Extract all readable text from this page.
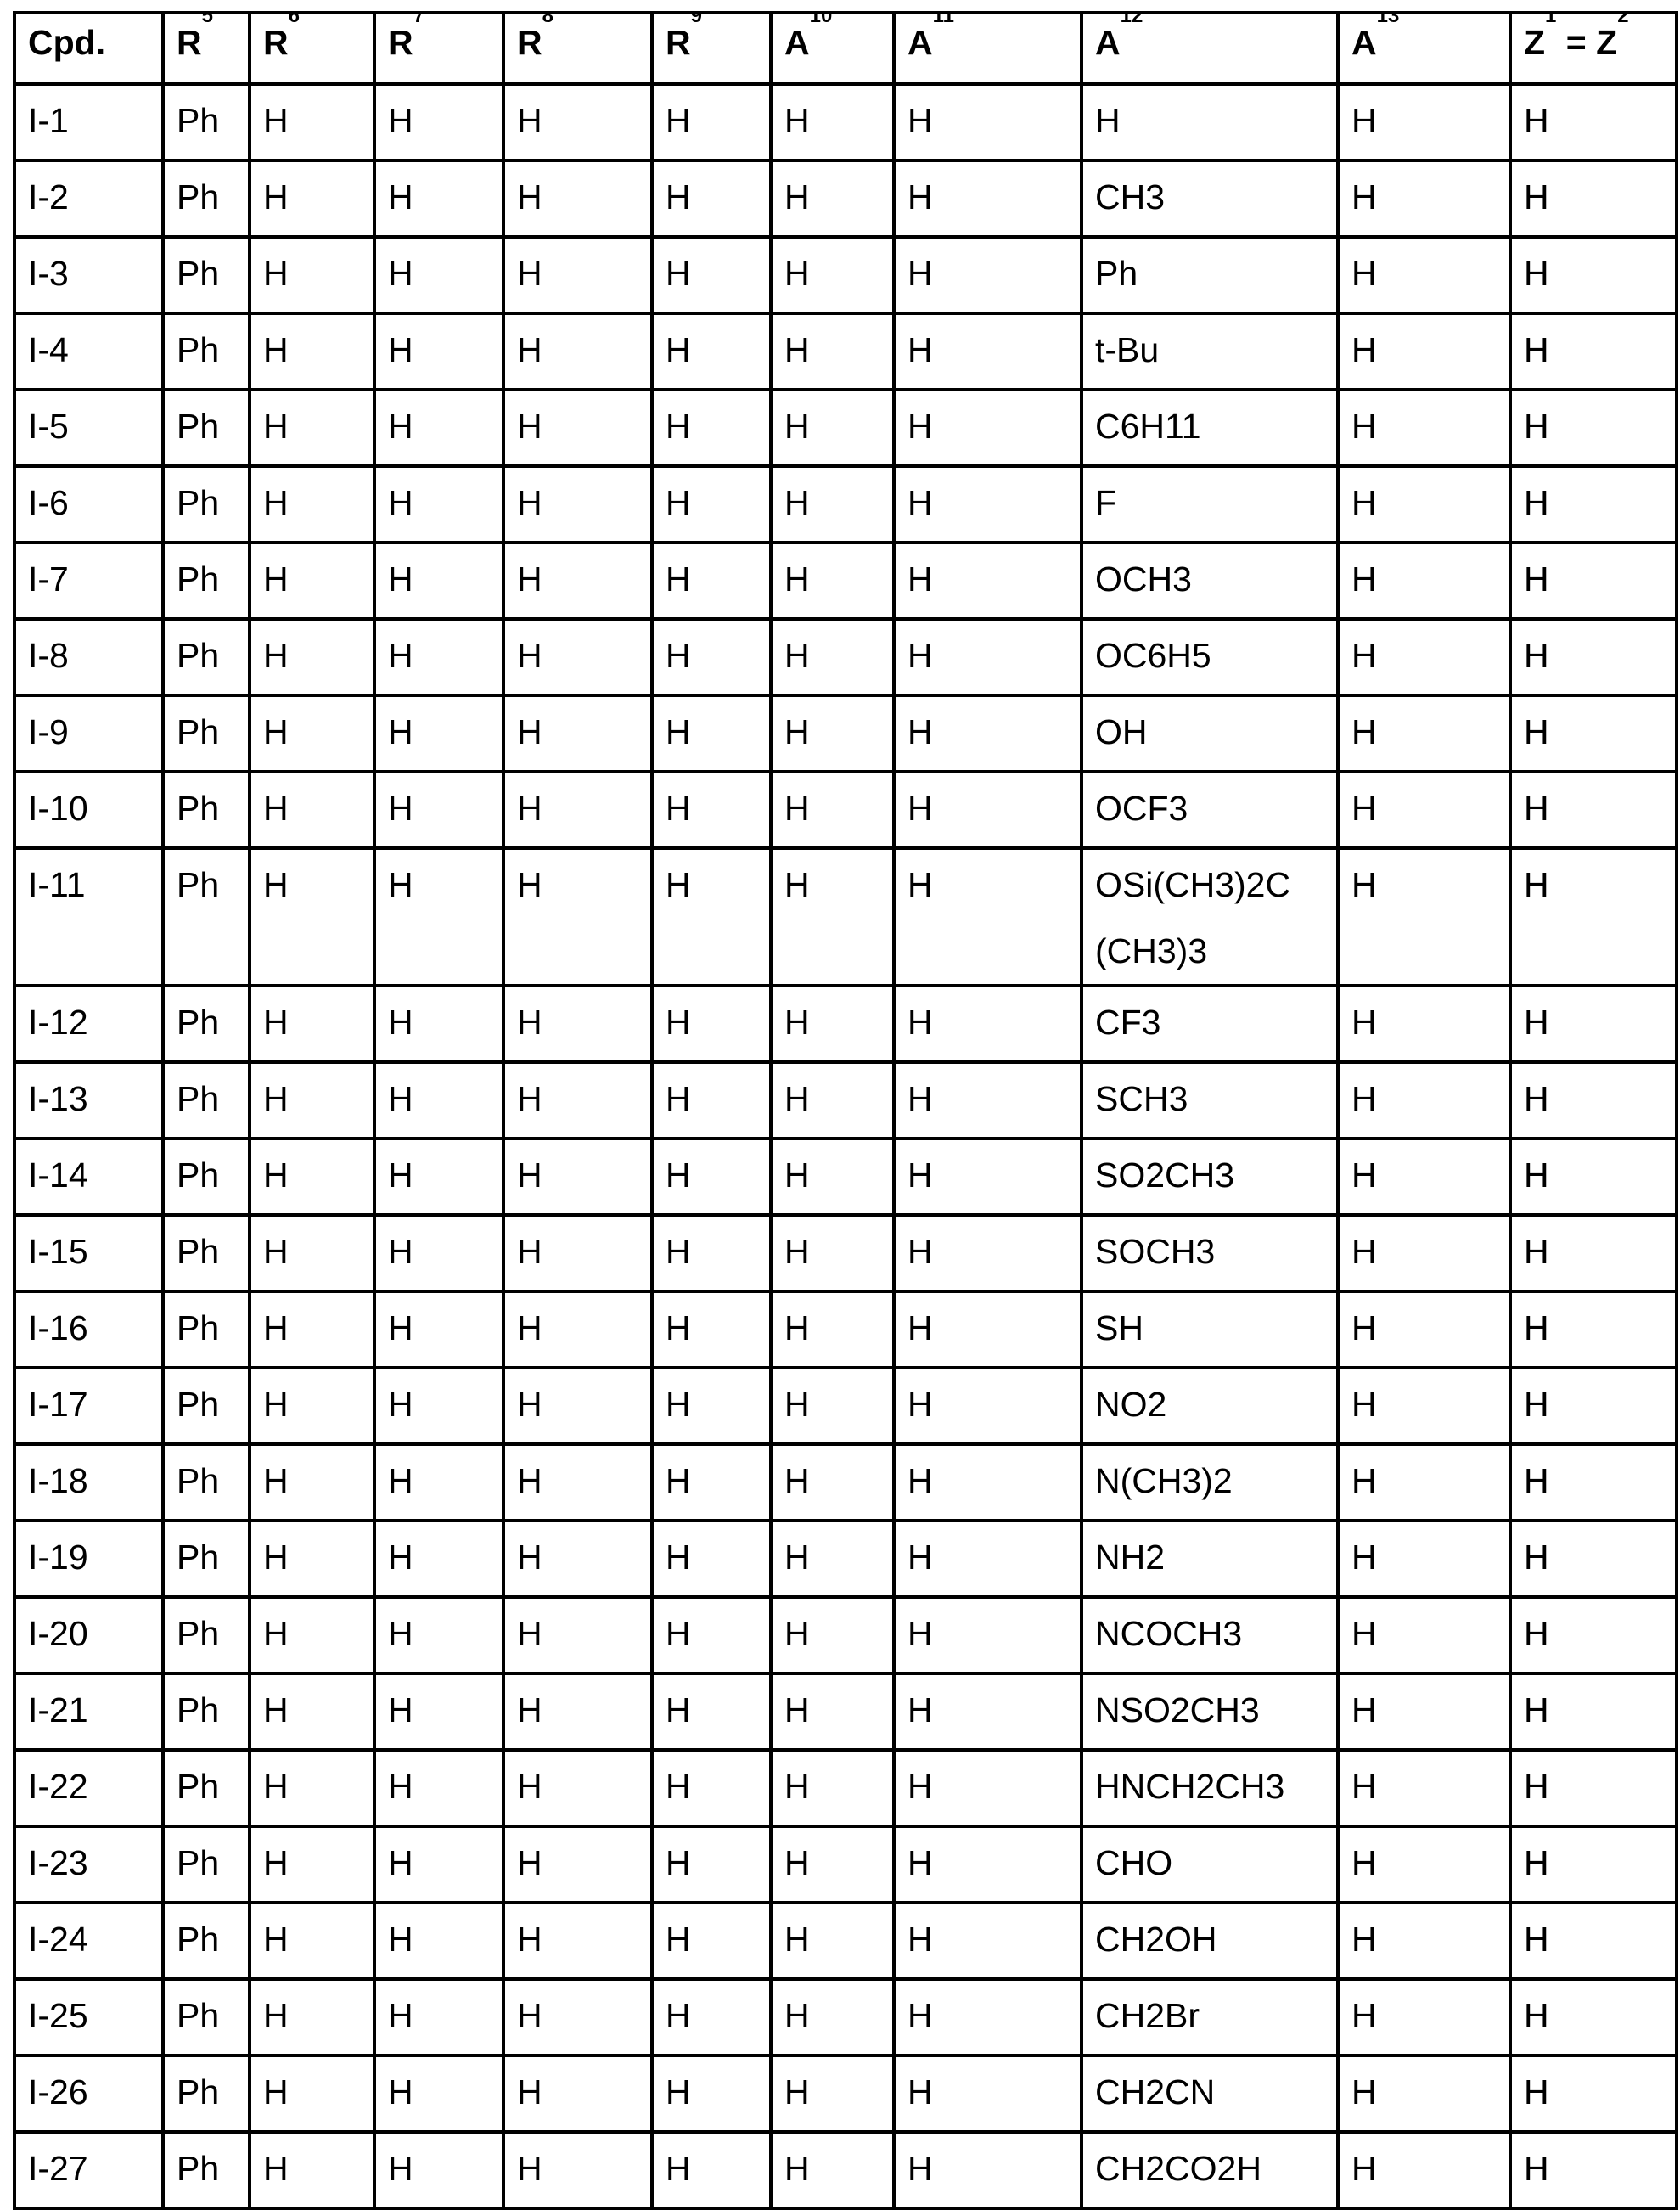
Cpd.	R5	R6	R7	R8	R9	A10	A11	A12	A13	Z1 = Z2
I-1	Ph	H	H	H	H	H	H	H	H	H
I-2	Ph	H	H	H	H	H	H	CH3	H	H
I-3	Ph	H	H	H	H	H	H	Ph	H	H
I-4	Ph	H	H	H	H	H	H	t-Bu	H	H
I-5	Ph	H	H	H	H	H	H	C6H11	H	H
I-6	Ph	H	H	H	H	H	H	F	H	H
I-7	Ph	H	H	H	H	H	H	OCH3	H	H
I-8	Ph	H	H	H	H	H	H	OC6H5	H	H
I-9	Ph	H	H	H	H	H	H	OH	H	H
I-10	Ph	H	H	H	H	H	H	OCF3	H	H
I-11	Ph	H	H	H	H	H	H	OSi(CH3)2C(CH3)3	H	H
I-12	Ph	H	H	H	H	H	H	CF3	H	H
I-13	Ph	H	H	H	H	H	H	SCH3	H	H
I-14	Ph	H	H	H	H	H	H	SO2CH3	H	H
I-15	Ph	H	H	H	H	H	H	SOCH3	H	H
I-16	Ph	H	H	H	H	H	H	SH	H	H
I-17	Ph	H	H	H	H	H	H	NO2	H	H
I-18	Ph	H	H	H	H	H	H	N(CH3)2	H	H
I-19	Ph	H	H	H	H	H	H	NH2	H	H
I-20	Ph	H	H	H	H	H	H	NCOCH3	H	H
I-21	Ph	H	H	H	H	H	H	NSO2CH3	H	H
I-22	Ph	H	H	H	H	H	H	HNCH2CH3	H	H
I-23	Ph	H	H	H	H	H	H	CHO	H	H
I-24	Ph	H	H	H	H	H	H	CH2OH	H	H
I-25	Ph	H	H	H	H	H	H	CH2Br	H	H
I-26	Ph	H	H	H	H	H	H	CH2CN	H	H
I-27	Ph	H	H	H	H	H	H	CH2CO2H	H	H
